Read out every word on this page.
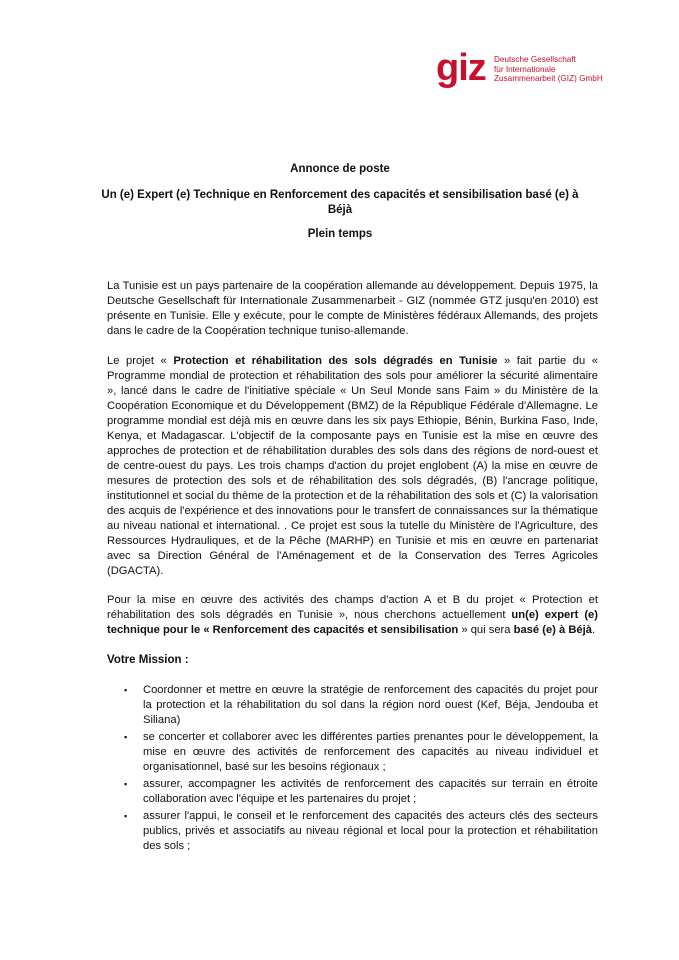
giz Deutsche Gesellschaft
für Internationale
Zusammenarbeit (GIZ) GmbH
Annonce de poste
Un (e) Expert (e) Technique en Renforcement des capacités et sensibilisation basé (e) à Béjà
Plein temps
La Tunisie est un pays partenaire de la coopération allemande au développement. Depuis 1975, la Deutsche Gesellschaft für Internationale Zusammenarbeit - GIZ (nommée GTZ jusqu'en 2010) est présente en Tunisie. Elle y exécute, pour le compte de Ministères fédéraux Allemands, des projets dans le cadre de la Coopération technique tuniso-allemande.
Le projet « Protection et réhabilitation des sols dégradés en Tunisie » fait partie du « Programme mondial de protection et réhabilitation des sols pour améliorer la sécurité alimentaire », lancé dans le cadre de l'initiative spéciale « Un Seul Monde sans Faim » du Ministère de la Coopération Economique et du Développement (BMZ) de la République Fédérale d'Allemagne. Le programme mondial est déjà mis en œuvre dans les six pays Ethiopie, Bénin, Burkina Faso, Inde, Kenya, et Madagascar. L'objectif de la composante pays en Tunisie est la mise en œuvre des approches de protection et de réhabilitation durables des sols dans des régions de nord-ouest et de centre-ouest du pays. Les trois champs d'action du projet englobent (A) la mise en œuvre de mesures de protection des sols et de réhabilitation des sols dégradés, (B) l'ancrage politique, institutionnel et social du thème de la protection et de la réhabilitation des sols et (C) la valorisation des acquis de l'expérience et des innovations pour le transfert de connaissances sur la thématique au niveau national et international. . Ce projet est sous la tutelle du Ministère de l'Agriculture, des Ressources Hydrauliques, et de la Pêche (MARHP) en Tunisie et mis en œuvre en partenariat avec sa Direction Général de l'Aménagement et de la Conservation des Terres Agricoles (DGACTA).
Pour la mise en œuvre des activités des champs d'action A et B du projet « Protection et réhabilitation des sols dégradés en Tunisie », nous cherchons actuellement un(e) expert (e) technique pour le « Renforcement des capacités et sensibilisation » qui sera basé (e) à Béjà.
Votre Mission :
▪ Coordonner et mettre en œuvre la stratégie de renforcement des capacités du projet pour la protection et la réhabilitation du sol dans la région nord ouest (Kef, Béja, Jendouba et Siliana)
▪ se concerter et collaborer avec les différentes parties prenantes pour le développement, la mise en œuvre des activités de renforcement des capacités au niveau individuel et organisationnel, basé sur les besoins régionaux ;
▪ assurer, accompagner les activités de renforcement des capacités sur terrain en étroite collaboration avec l'équipe et les partenaires du projet ;
▪ assurer l'appui, le conseil et le renforcement des capacités des acteurs clés des secteurs publics, privés et associatifs au niveau régional et local pour la protection et réhabilitation des sols ;
